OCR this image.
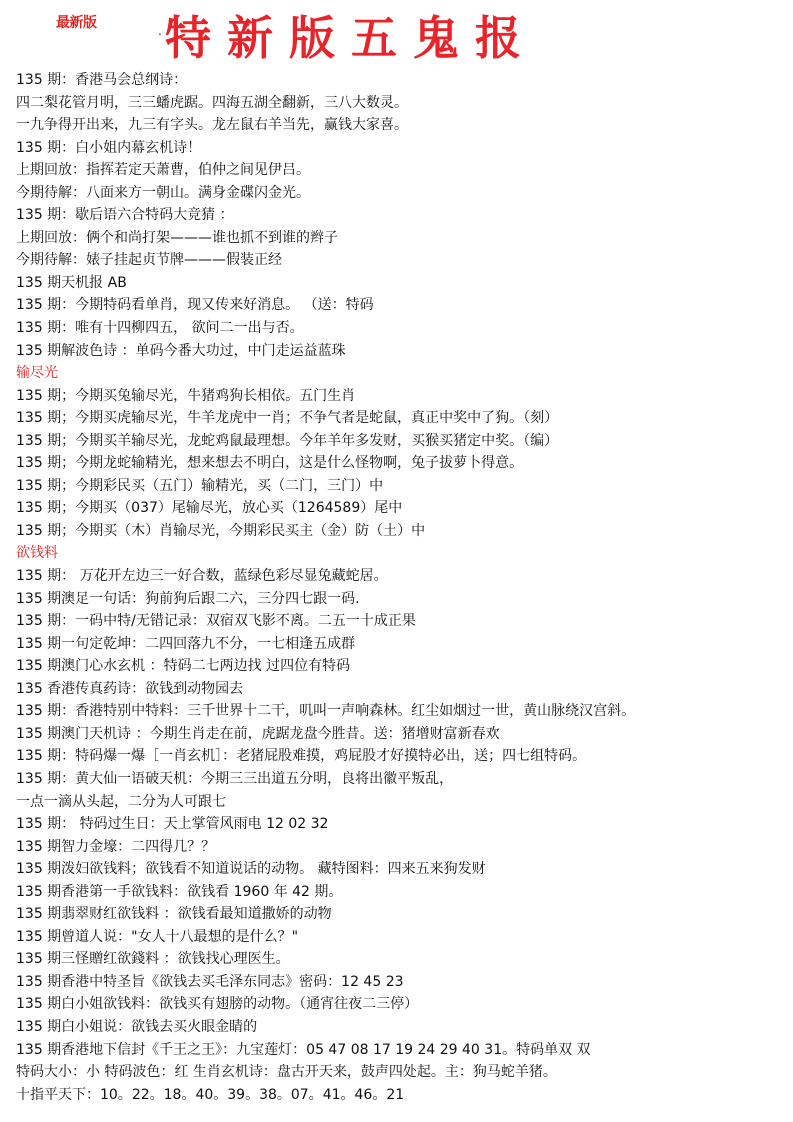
最新版	. 特新版五鬼报
135 期：香港马会总纲诗：
四二梨花管月明，三三蟠虎踞。四海五湖全翻新，三八大数灵。
一九争得开出来，九三有字头。龙左鼠右羊当先，赢钱大家喜。
135 期：白小姐内幕玄机诗！
上期回放：指挥若定天萧曹，伯仲之间见伊吕。
今期待解：八面来方一朝山。满身金碟闪金光。
135 期：歇后语六合特码大竞猜 ：
上期回放：俩个和尚打架———谁也抓不到谁的辫子
今期待解：婊子挂起贞节牌———假装正经
135 期天机报 AB
135 期：今期特码看单肖，现又传来好消息。 （送：特码
135 期：唯有十四柳四五， 欲问二一出与否。
135 期解波色诗 ：单码今番大功过，中门走运益蓝珠
输尽光
135 期；今期买兔输尽光，牛猪鸡狗长相依。五门生肖
135 期；今期买虎输尽光，牛羊龙虎中一肖；不争气者是蛇鼠，真正中奖中了狗。（刻）
135 期；今期买羊输尽光，龙蛇鸡鼠最理想。今年羊年多发财，买猴买猪定中奖。（编）
135 期；今期龙蛇输精光，想来想去不明白，这是什么怪物啊，兔子拔萝卜得意。
135 期；今期彩民买（五门）输精光，买（二门，三门）中
135 期；今期买（037）尾输尽光，放心买（1264589）尾中
135 期；今期买（木）肖输尽光，今期彩民买主（金）防（土）中
欲钱料
135 期： 万花开左边三一好合数，蓝绿色彩尽显兔藏蛇居。
135 期澳足一句话：狗前狗后跟二六，三分四七跟一码.
135 期：一码中特/无错记录：双宿双飞影不离。二五一十成正果
135 期一句定乾坤：二四回落九不分，一七相逢五成群
135 期澳门心水玄机 ：特码二七两边找 过四位有特码
135 香港传真药诗：欲钱到动物园去
135 期：香港特别中特料：三千世界十二干，叽叫一声响森林。红尘如烟过一世，黄山脉绕汉宫斜。
135 期澳门天机诗 ：今期生肖走在前，虎踞龙盘今胜昔。送：猪增财富新春欢
135 期：特码爆一爆［一肖玄机］：老猪屁股难摸，鸡屁股才好摸特必出，送；四七组特码。
135 期：黄大仙一语破天机：今期三三出道五分明，良将出徽平叛乱，
一点一滴从头起，二分为人可跟七
135 期： 特码过生日：天上掌管风雨电 12 02 32
135 期智力金壕：二四得几？？
135 期泼妇欲钱料；欲钱看不知道说话的动物。 藏特图料：四来五来狗发财
135 期香港第一手欲钱料：欲钱看 1960 年 42 期。
135 期翡翠财红欲钱料 ：欲钱看最知道撒娇的动物
135 期曾道人说："女人十八最想的是什么？"
135 期三怪贈红欲錢料 ：欲钱找心理医生。
135 期香港中特圣旨《欲钱去买毛泽东同志》密码：12 45 23
135 期白小姐欲钱料：欲钱买有翅膀的动物。（通宵往夜二三停）
135 期白小姐说：欲钱去买火眼金睛的
135 期香港地下信封《千王之王》：九宝莲灯：05 47 08 17 19 24 29 40 31。特码单双 双
特码大小：小 特码波色：红 生肖玄机诗：盘古开天来，鼓声四处起。主：狗马蛇羊猪。
十指平天下：10。22。18。40。39。38。07。41。46。21
